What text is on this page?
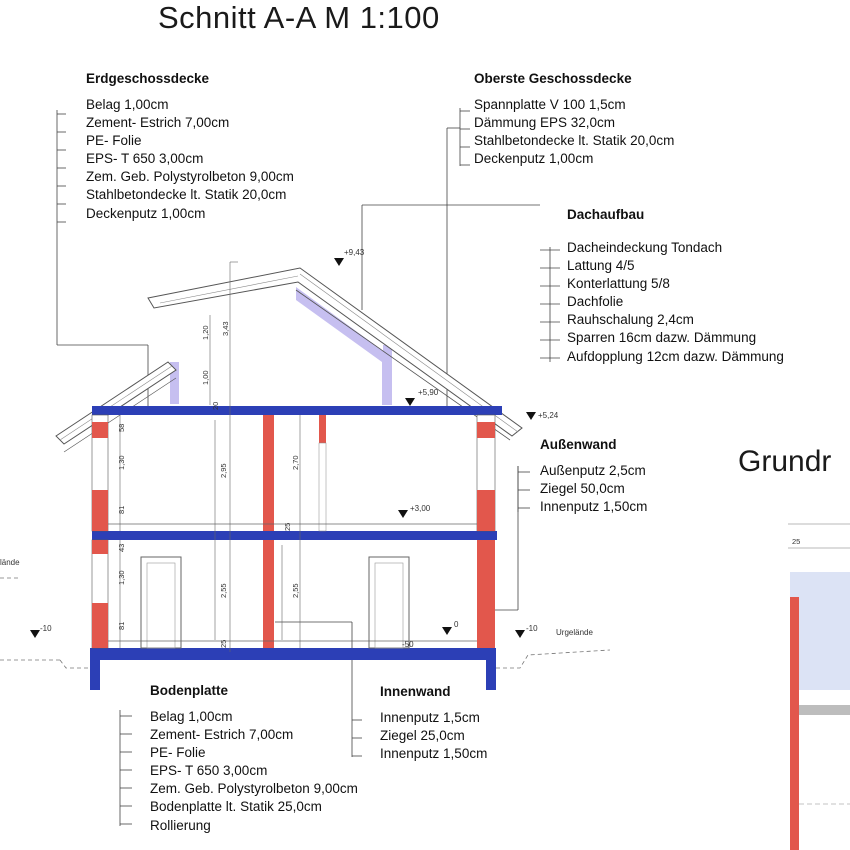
3,43
1,20
1,00
20
58
1,30
81
2,95
2,70
25
43
1,30
81
2,55	2,55
25
25
Schnitt A-A M 1:100
Grundr
+9,43
+5,90
+5,24
+3,00
0
-10	-10
-50
Urgelände
lände
Erdgeschossdecke
Belag 1,00cm
Zement- Estrich 7,00cm
PE- Folie
EPS- T 650 3,00cm
Zem. Geb. Polystyrolbeton 9,00cm
Stahlbetondecke lt. Statik 20,0cm
Deckenputz 1,00cm
Oberste Geschossdecke
Spannplatte V 100 1,5cm
Dämmung EPS 32,0cm
Stahlbetondecke lt. Statik 20,0cm
Deckenputz 1,00cm
Dachaufbau
Dacheindeckung Tondach
Lattung 4/5
Konterlattung 5/8
Dachfolie
Rauhschalung 2,4cm
Sparren 16cm dazw. Dämmung
Aufdopplung 12cm dazw. Dämmung
Außenwand
Außenputz 2,5cm
Ziegel 50,0cm
Innenputz 1,50cm
Bodenplatte
Belag 1,00cm
Zement- Estrich 7,00cm
PE- Folie
EPS- T 650 3,00cm
Zem. Geb. Polystyrolbeton 9,00cm
Bodenplatte lt. Statik 25,0cm
Rollierung
Innenwand
Innenputz 1,5cm
Ziegel 25,0cm
Innenputz 1,50cm
